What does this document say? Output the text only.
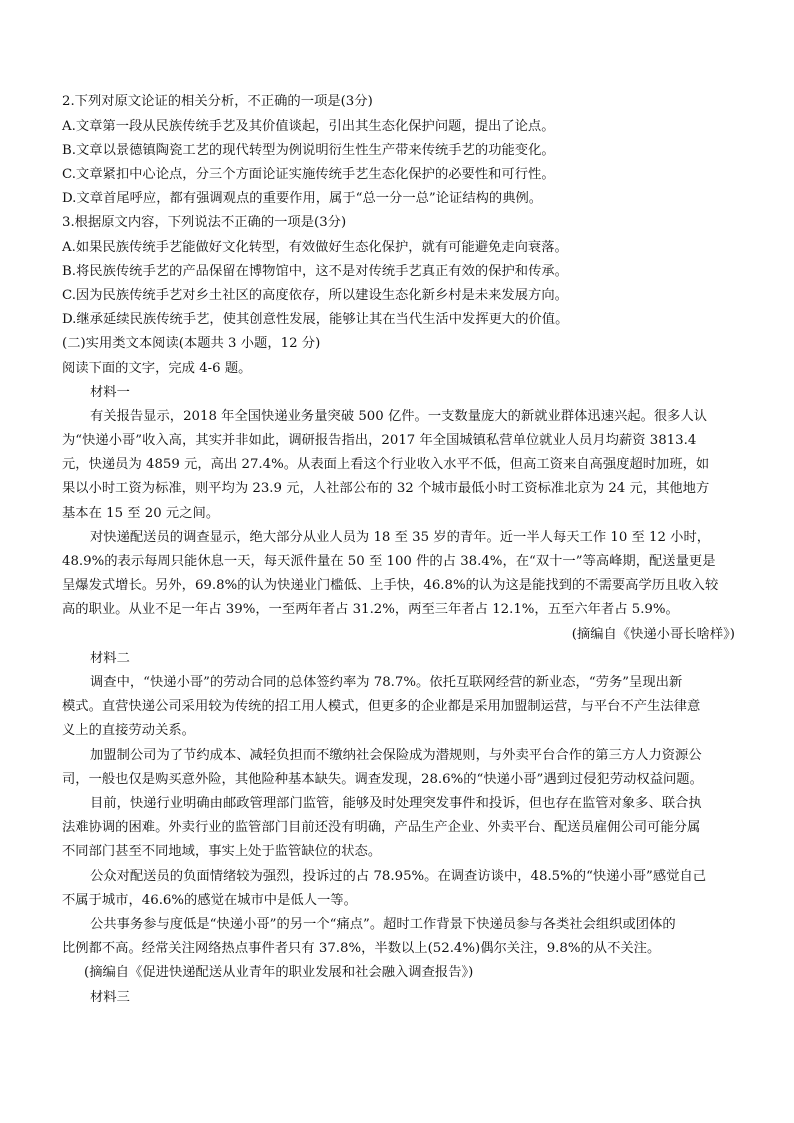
2.下列对原文论证的相关分析，不正确的一项是(3分)
A.文章第一段从民族传统手艺及其价值谈起，引出其生态化保护问题，提出了论点。
B.文章以景德镇陶瓷工艺的现代转型为例说明衍生性生产带来传统手艺的功能变化。
C.文章紧扣中心论点，分三个方面论证实施传统手艺生态化保护的必要性和可行性。
D.文章首尾呼应，都有强调观点的重要作用，属于“总一分一总”论证结构的典例。
3.根据原文内容，下列说法不正确的一项是(3分)
A.如果民族传统手艺能做好文化转型，有效做好生态化保护，就有可能避免走向衰落。
B.将民族传统手艺的产品保留在博物馆中，这不是对传统手艺真正有效的保护和传承。
C.因为民族传统手艺对乡土社区的高度依存，所以建设生态化新乡村是未来发展方向。
D.继承延续民族传统手艺，使其创意性发展，能够让其在当代生活中发挥更大的价值。
(二)实用类文本阅读(本题共 3 小题，12 分)
阅读下面的文字，完成 4-6 题。
材料一
有关报告显示，2018 年全国快递业务量突破 500 亿件。一支数量庞大的新就业群体迅速兴起。很多人认
为“快递小哥”收入高，其实并非如此，调研报告指出，2017 年全国城镇私营单位就业人员月均薪资 3813.4
元，快递员为 4859 元，高出 27.4%。从表面上看这个行业收入水平不低，但高工资来自高强度超时加班，如
果以小时工资为标准，则平均为 23.9 元，人社部公布的 32 个城市最低小时工资标准北京为 24 元，其他地方
基本在 15 至 20 元之间。
对快递配送员的调查显示，绝大部分从业人员为 18 至 35 岁的青年。近一半人每天工作 10 至 12 小时，
48.9%的表示每周只能休息一天，每天派件量在 50 至 100 件的占 38.4%，在“双十一”等高峰期，配送量更是
呈爆发式增长。另外，69.8%的认为快递业门槛低、上手快，46.8%的认为这是能找到的不需要高学历且收入较
高的职业。从业不足一年占 39%，一至两年者占 31.2%，两至三年者占 12.1%，五至六年者占 5.9%。
(摘编自《快递小哥长啥样》)
材料二
调查中，“快递小哥”的劳动合同的总体签约率为 78.7%。依托互联网经营的新业态，“劳务”呈现出新
模式。直营快递公司采用较为传统的招工用人模式，但更多的企业都是采用加盟制运营，与平台不产生法律意
义上的直接劳动关系。
加盟制公司为了节约成本、减轻负担而不缴纳社会保险成为潜规则，与外卖平台合作的第三方人力资源公
司，一般也仅是购买意外险，其他险种基本缺失。调查发现，28.6%的“快递小哥”遇到过侵犯劳动权益问题。
目前，快递行业明确由邮政管理部门监管，能够及时处理突发事件和投诉，但也存在监管对象多、联合执
法难协调的困难。外卖行业的监管部门目前还没有明确，产品生产企业、外卖平台、配送员雇佣公司可能分属
不同部门甚至不同地域，事实上处于监管缺位的状态。
公众对配送员的负面情绪较为强烈，投诉过的占 78.95%。在调查访谈中，48.5%的“快递小哥”感觉自己
不属于城市，46.6%的感觉在城市中是低人一等。
公共事务参与度低是“快递小哥”的另一个“痛点”。超时工作背景下快递员参与各类社会组织或团体的
比例都不高。经常关注网络热点事件者只有 37.8%，半数以上(52.4%)偶尔关注，9.8%的从不关注。
(摘编自《促进快递配送从业青年的职业发展和社会融入调查报告》)
材料三
